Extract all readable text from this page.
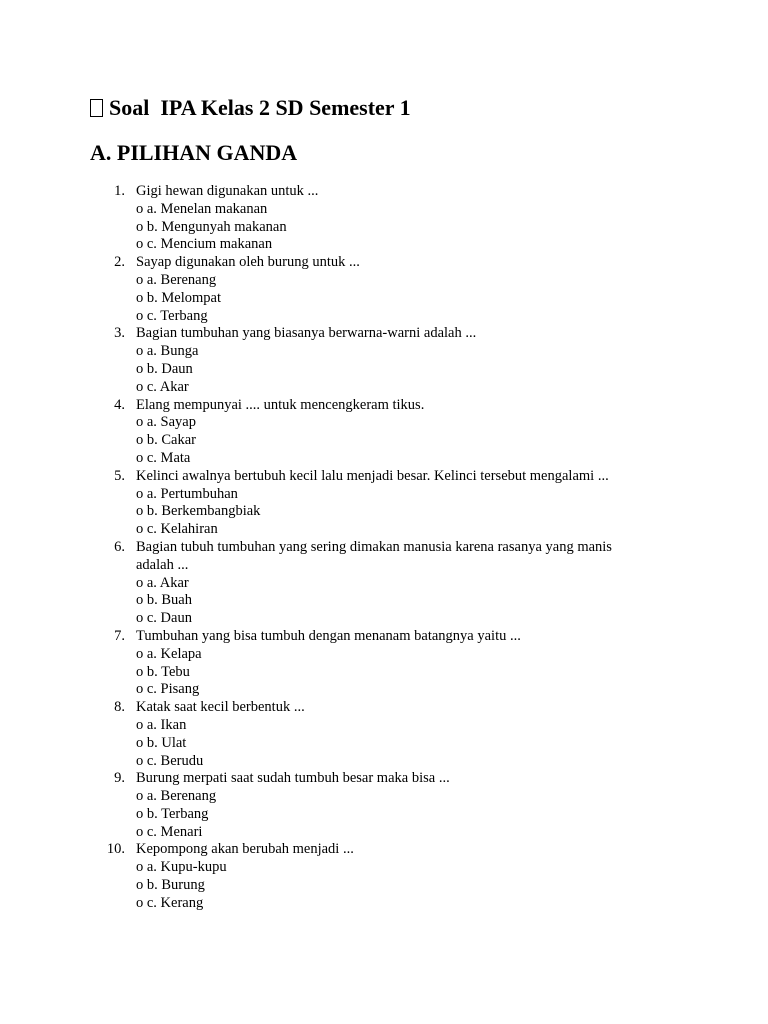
Soal  IPA Kelas 2 SD Semester 1
A. PILIHAN GANDA
1. Gigi hewan digunakan untuk ...
o a. Menelan makanan
o b. Mengunyah makanan
o c. Mencium makanan
2. Sayap digunakan oleh burung untuk ...
o a. Berenang
o b. Melompat
o c. Terbang
3. Bagian tumbuhan yang biasanya berwarna-warni adalah ...
o a. Bunga
o b. Daun
o c. Akar
4. Elang mempunyai .... untuk mencengkeram tikus.
o a. Sayap
o b. Cakar
o c. Mata
5. Kelinci awalnya bertubuh kecil lalu menjadi besar. Kelinci tersebut mengalami ...
o a. Pertumbuhan
o b. Berkembangbiak
o c. Kelahiran
6. Bagian tubuh tumbuhan yang sering dimakan manusia karena rasanya yang manis adalah ...
o a. Akar
o b. Buah
o c. Daun
7. Tumbuhan yang bisa tumbuh dengan menanam batangnya yaitu ...
o a. Kelapa
o b. Tebu
o c. Pisang
8. Katak saat kecil berbentuk ...
o a. Ikan
o b. Ulat
o c. Berudu
9. Burung merpati saat sudah tumbuh besar maka bisa ...
o a. Berenang
o b. Terbang
o c. Menari
10. Kepompong akan berubah menjadi ...
o a. Kupu-kupu
o b. Burung
o c. Kerang
